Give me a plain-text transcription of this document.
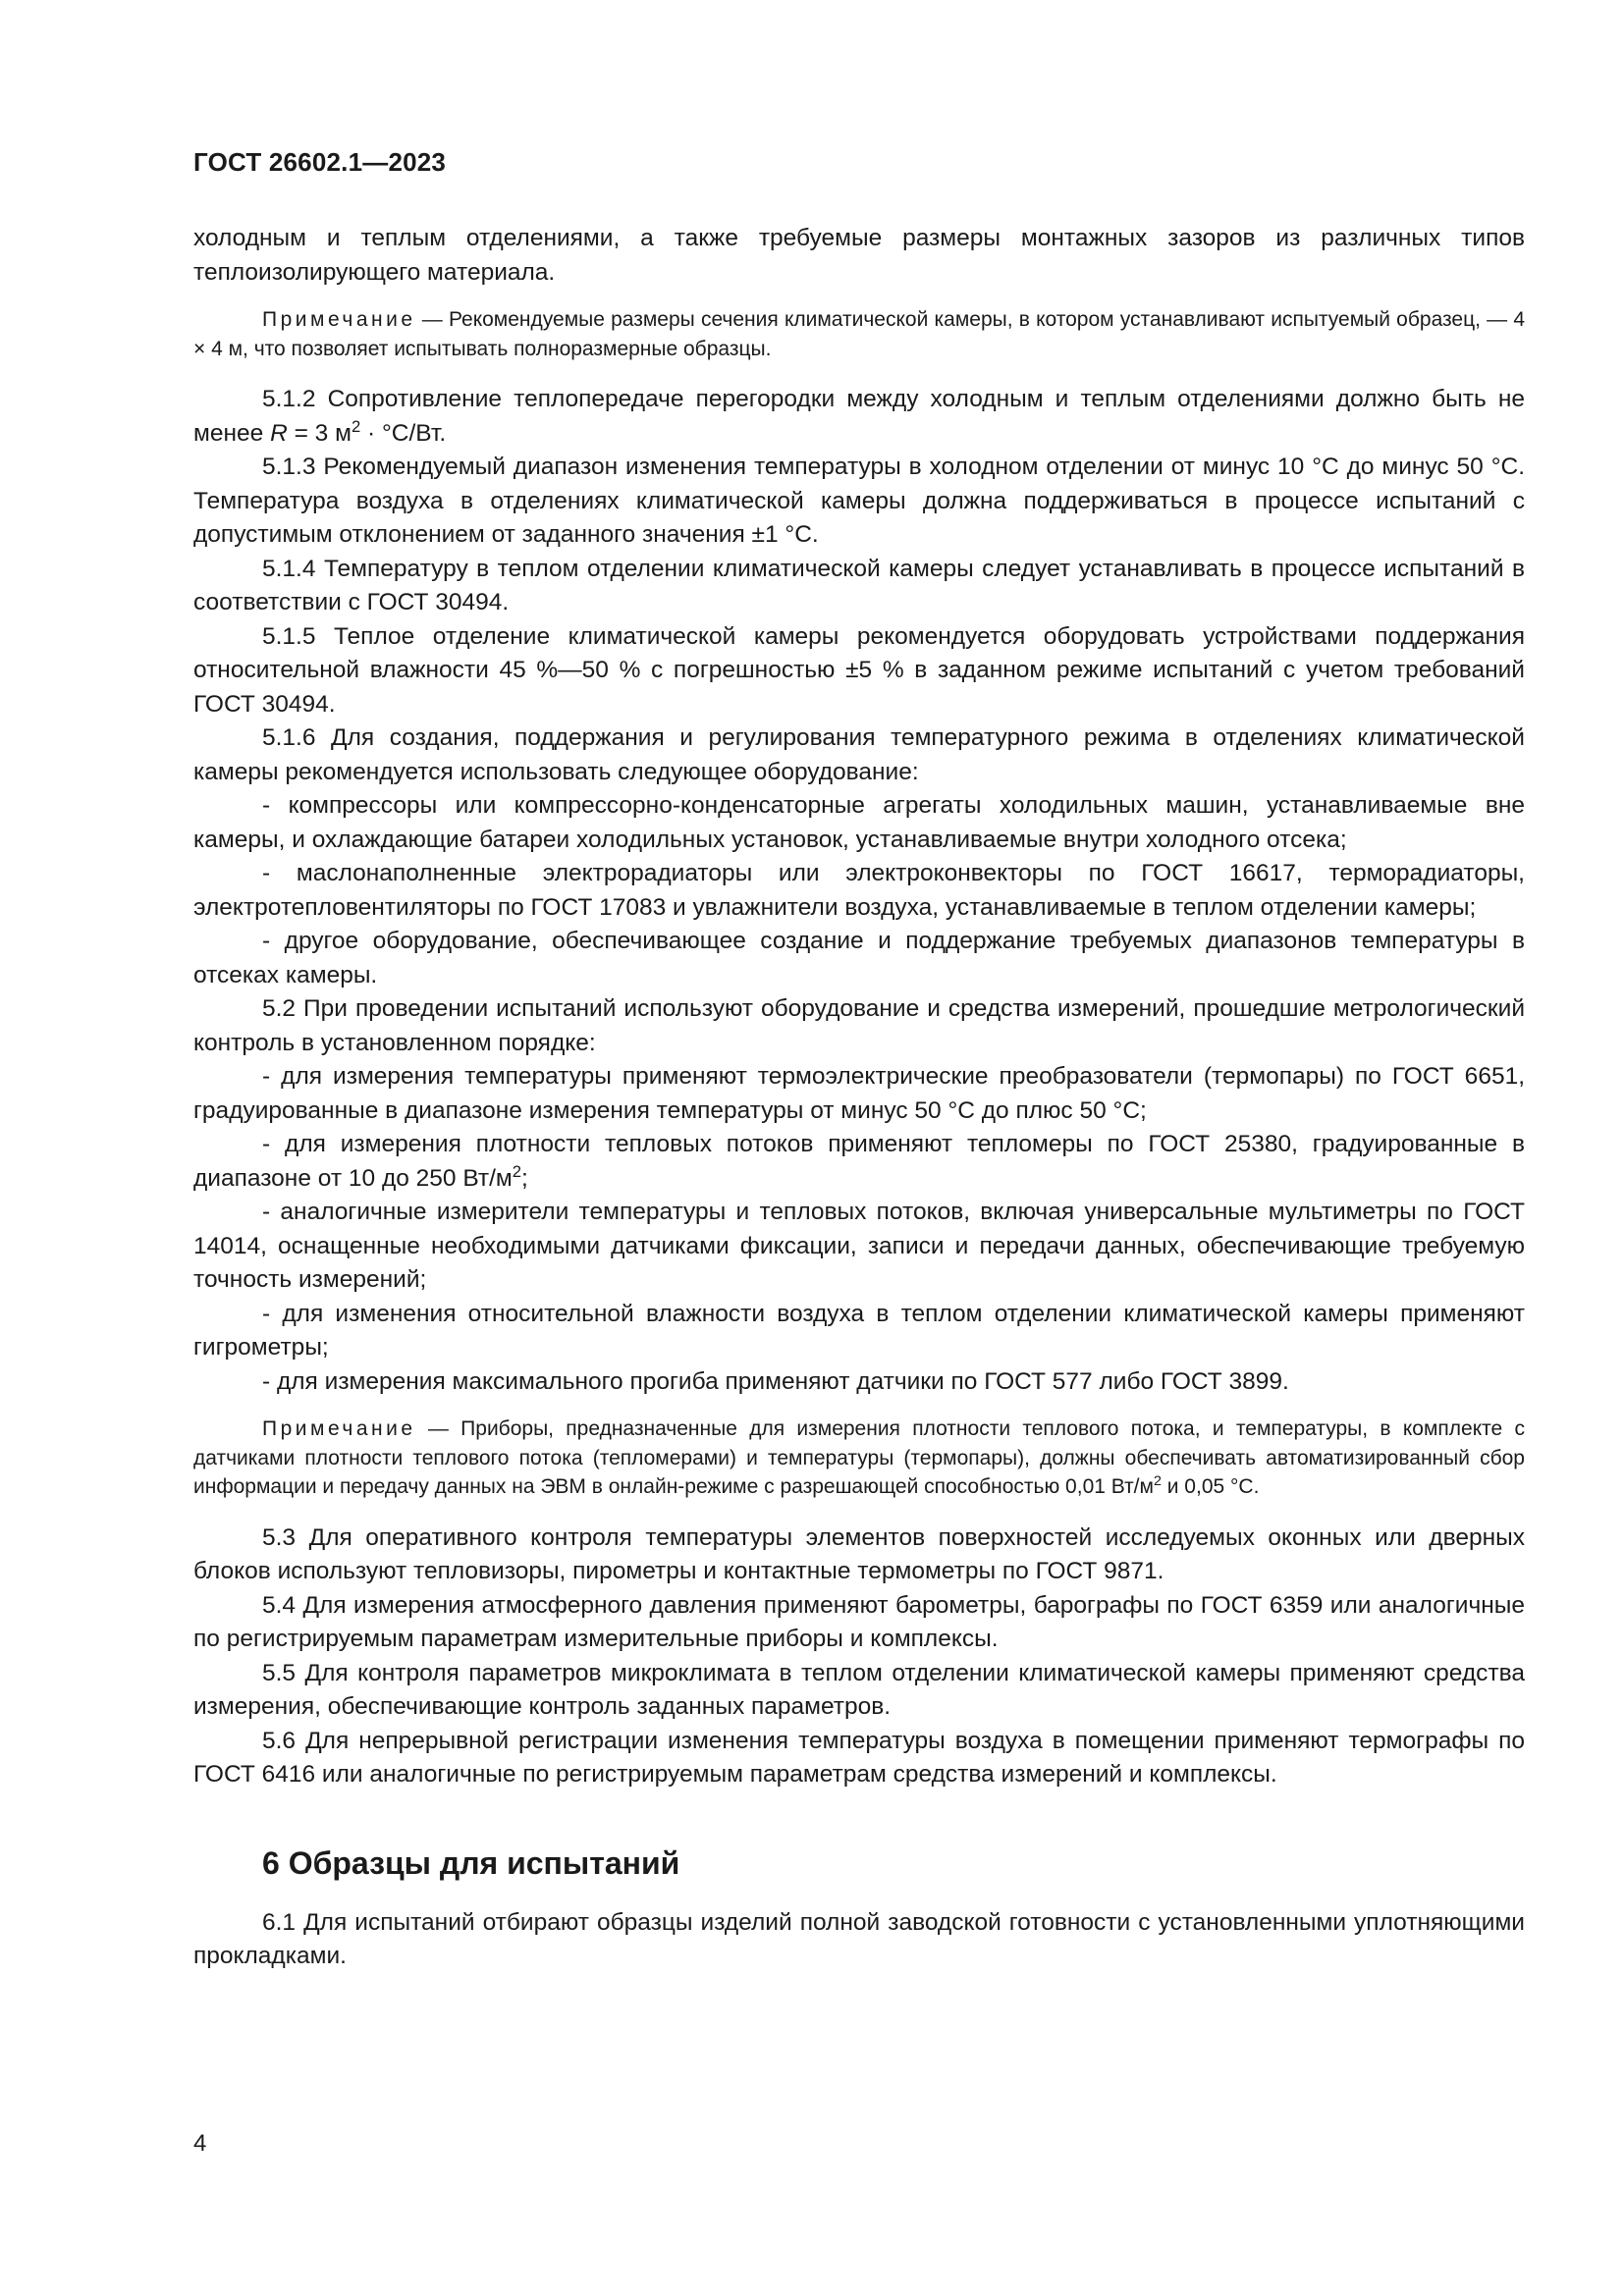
ГОСТ 26602.1—2023

холодным и теплым отделениями, а также требуемые размеры монтажных зазоров из различных типов теплоизолирующего материала.

Примечание — Рекомендуемые размеры сечения климатической камеры, в котором устанавливают испытуемый образец, — 4 × 4 м, что позволяет испытывать полноразмерные образцы.

5.1.2 Сопротивление теплопередаче перегородки между холодным и теплым отделениями должно быть не менее R = 3 $м^2 \cdot ^\circ С/Вт$.

5.1.3 Рекомендуемый диапазон изменения температуры в холодном отделении от минус 10 °С до минус 50 °С. Температура воздуха в отделениях климатической камеры должна поддерживаться в процессе испытаний с допустимым отклонением от заданного значения ±1 °С.

5.1.4 Температуру в теплом отделении климатической камеры следует устанавливать в процессе испытаний в соответствии с ГОСТ 30494.

5.1.5 Теплое отделение климатической камеры рекомендуется оборудовать устройствами поддержания относительной влажности 45 %—50 % с погрешностью ±5 % в заданном режиме испытаний с учетом требований ГОСТ 30494.

5.1.6 Для создания, поддержания и регулирования температурного режима в отделениях климатической камеры рекомендуется использовать следующее оборудование:

- компрессоры или компрессорно-конденсаторные агрегаты холодильных машин, устанавливаемые вне камеры, и охлаждающие батареи холодильных установок, устанавливаемые внутри холодного отсека;

- маслонаполненные электрорадиаторы или электроконвекторы по ГОСТ 16617, терморадиаторы, электротепловентиляторы по ГОСТ 17083 и увлажнители воздуха, устанавливаемые в теплом отделении камеры;

- другое оборудование, обеспечивающее создание и поддержание требуемых диапазонов температуры в отсеках камеры.

5.2 При проведении испытаний используют оборудование и средства измерений, прошедшие метрологический контроль в установленном порядке:

- для измерения температуры применяют термоэлектрические преобразователи (термопары) по ГОСТ 6651, градуированные в диапазоне измерения температуры от минус 50 °С до плюс 50 °С;

- для измерения плотности тепловых потоков применяют тепломеры по ГОСТ 25380, градуированные в диапазоне от 10 до 250 $Вт/м^2$;

- аналогичные измерители температуры и тепловых потоков, включая универсальные мультиметры по ГОСТ 14014, оснащенные необходимыми датчиками фиксации, записи и передачи данных, обеспечивающие требуемую точность измерений;

- для изменения относительной влажности воздуха в теплом отделении климатической камеры применяют гигрометры;

- для измерения максимального прогиба применяют датчики по ГОСТ 577 либо ГОСТ 3899.

Примечание — Приборы, предназначенные для измерения плотности теплового потока, и температуры, в комплекте с датчиками плотности теплового потока (тепломерами) и температуры (термопары), должны обеспечивать автоматизированный сбор информации и передачу данных на ЭВМ в онлайн-режиме с разрешающей способностью 0,01 $Вт/м^2$ и 0,05 °С.

5.3 Для оперативного контроля температуры элементов поверхностей исследуемых оконных или дверных блоков используют тепловизоры, пирометры и контактные термометры по ГОСТ 9871.

5.4 Для измерения атмосферного давления применяют барометры, барографы по ГОСТ 6359 или аналогичные по регистрируемым параметрам измерительные приборы и комплексы.

5.5 Для контроля параметров микроклимата в теплом отделении климатической камеры применяют средства измерения, обеспечивающие контроль заданных параметров.

5.6 Для непрерывной регистрации изменения температуры воздуха в помещении применяют термографы по ГОСТ 6416 или аналогичные по регистрируемым параметрам средства измерений и комплексы.

6 Образцы для испытаний

6.1 Для испытаний отбирают образцы изделий полной заводской готовности с установленными уплотняющими прокладками.

4
